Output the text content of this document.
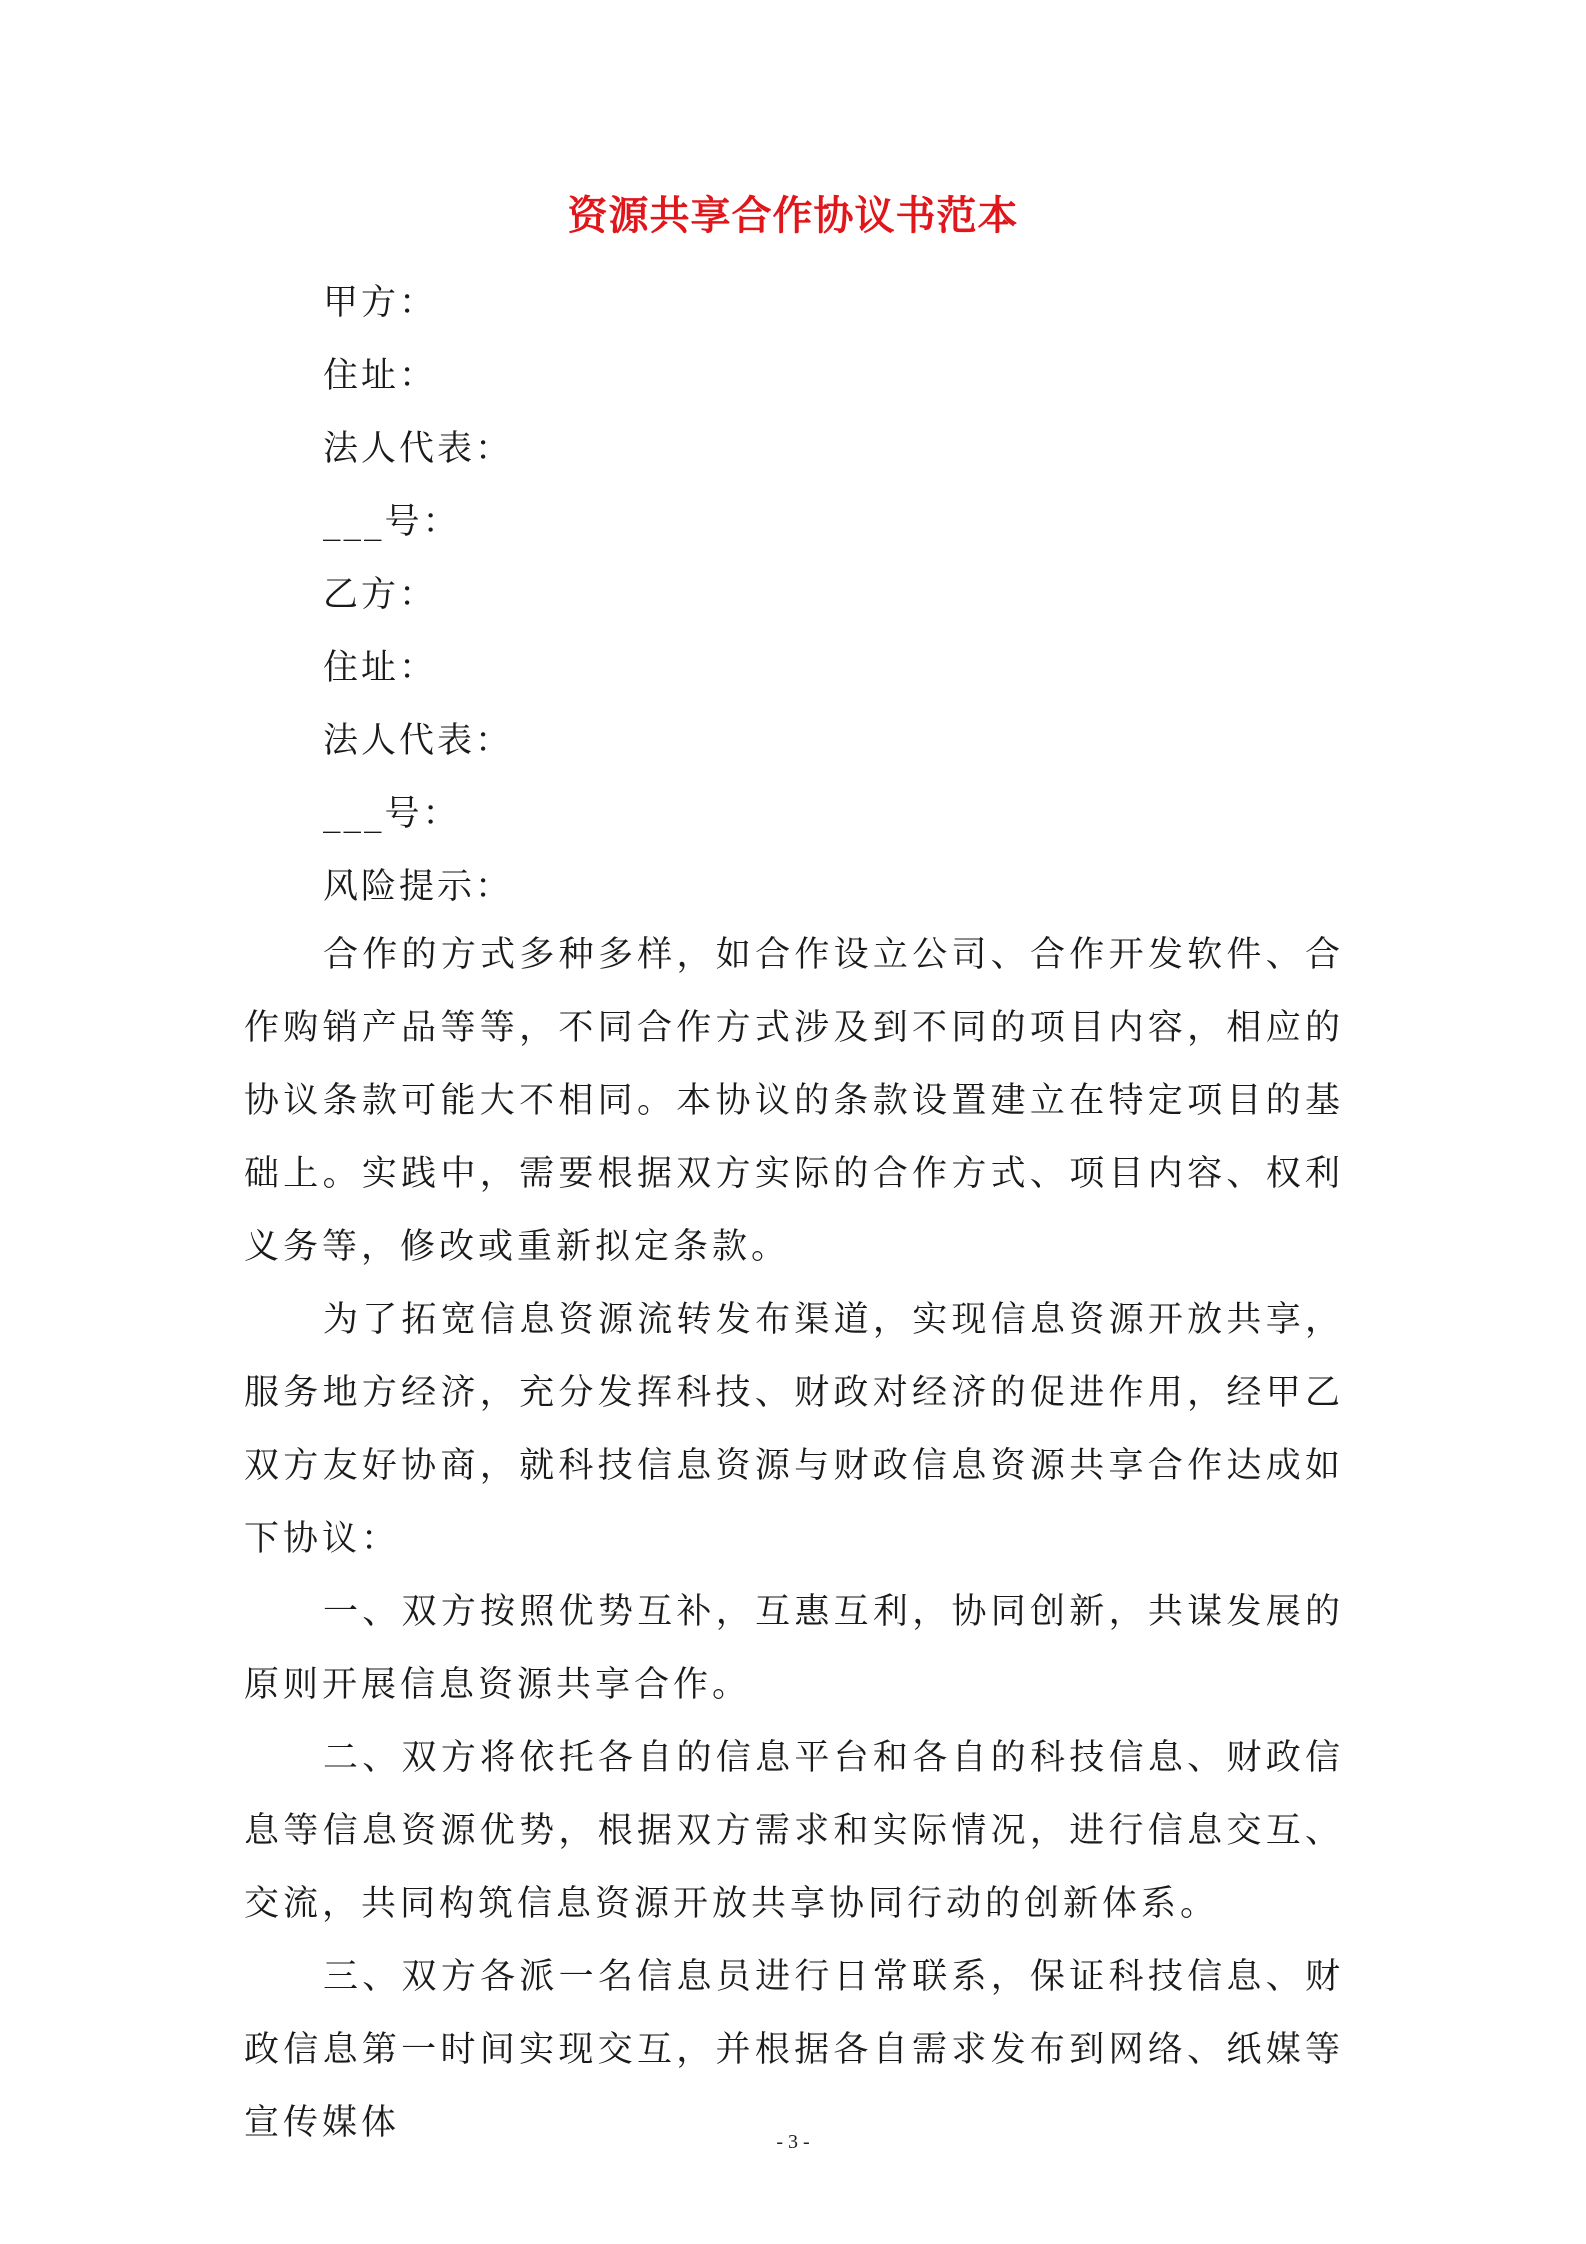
资源共享合作协议书范本
甲方：
住址：
法人代表：
___号：
乙方：
住址：
法人代表：
___号：
风险提示：

合作的方式多种多样，如合作设立公司、合作开发软件、合作购销产品等等，不同合作方式涉及到不同的项目内容，相应的协议条款可能大不相同。本协议的条款设置建立在特定项目的基础上。实践中，需要根据双方实际的合作方式、项目内容、权利义务等，修改或重新拟定条款。

为了拓宽信息资源流转发布渠道，实现信息资源开放共享，服务地方经济，充分发挥科技、财政对经济的促进作用，经甲乙双方友好协商，就科技信息资源与财政信息资源共享合作达成如下协议：

一、双方按照优势互补，互惠互利，协同创新，共谋发展的原则开展信息资源共享合作。

二、双方将依托各自的信息平台和各自的科技信息、财政信息等信息资源优势，根据双方需求和实际情况，进行信息交互、交流，共同构筑信息资源开放共享协同行动的创新体系。

三、双方各派一名信息员进行日常联系，保证科技信息、财政信息第一时间实现交互，并根据各自需求发布到网络、纸媒等宣传媒体	- 3 -
